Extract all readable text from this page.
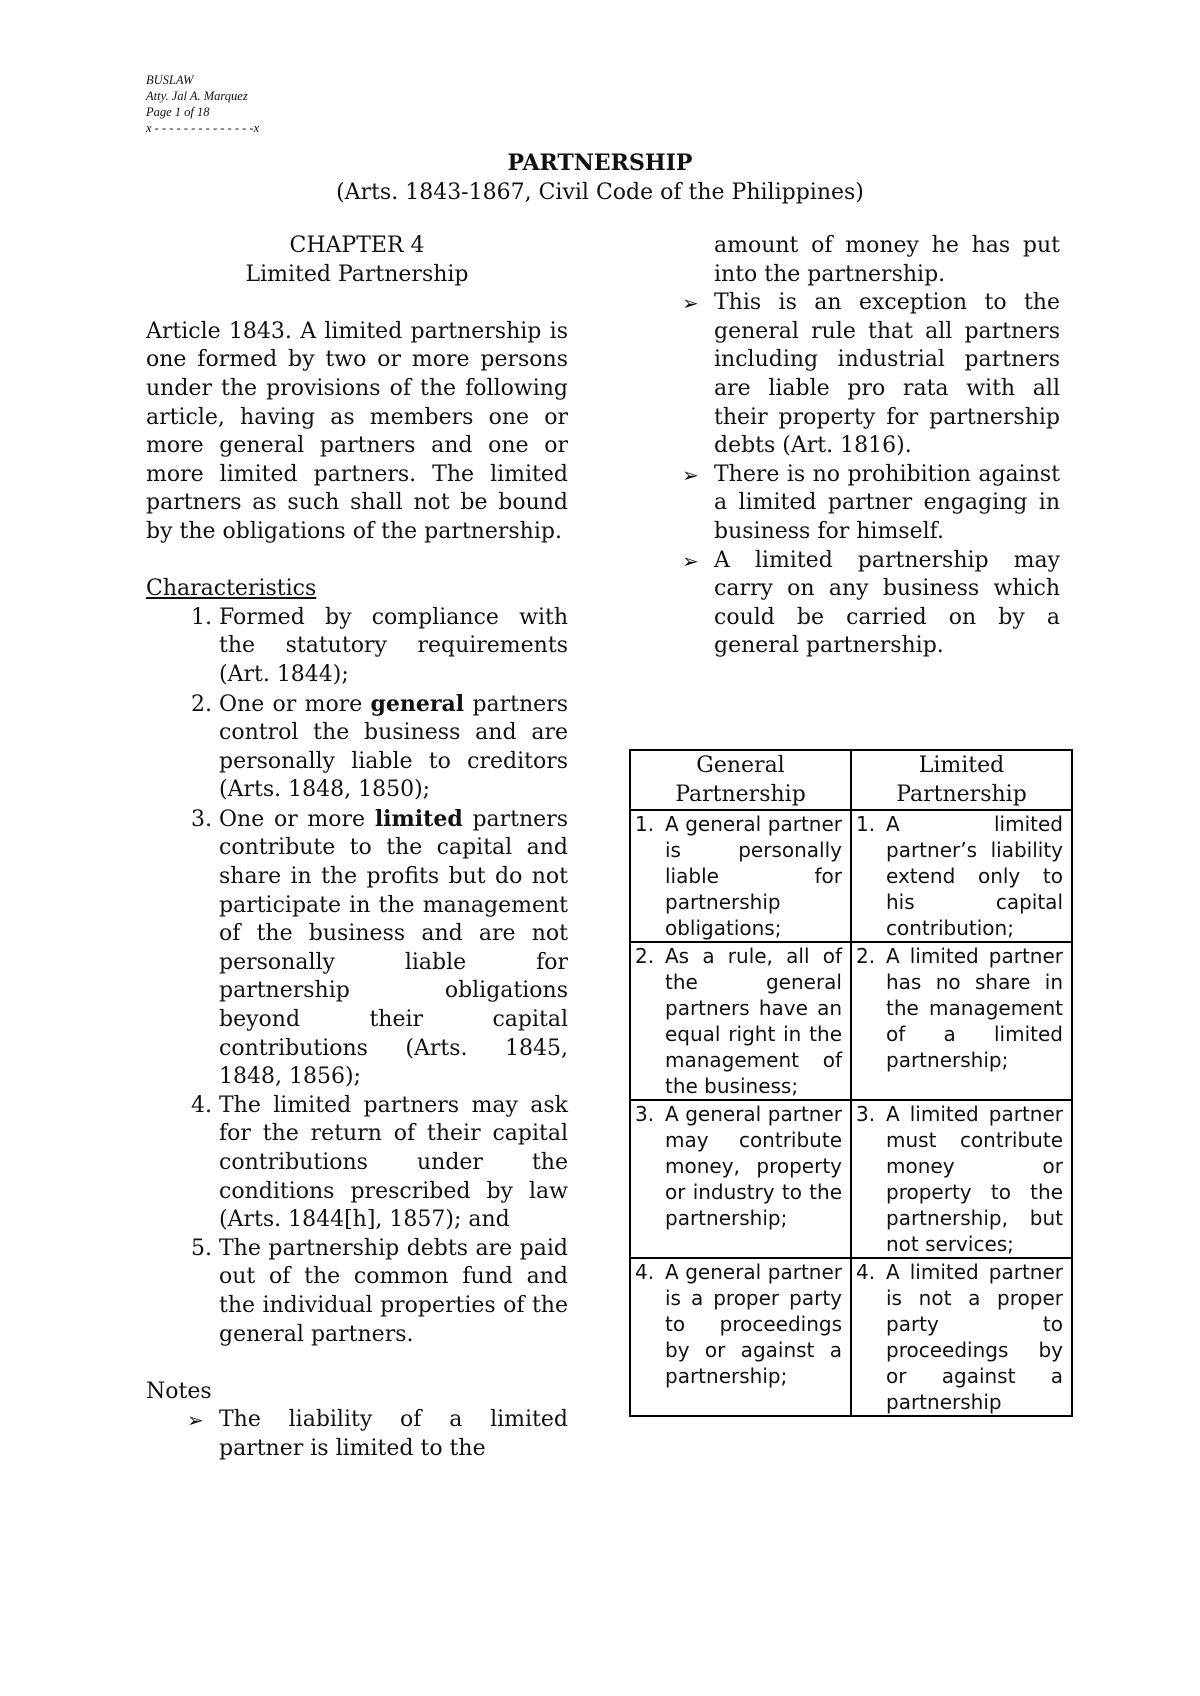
BUSLAW
Atty. Jal A. Marquez
Page 1 of 18
x - - - - - - - - - - - - - -x
PARTNERSHIP
(Arts. 1843-1867, Civil Code of the Philippines)
CHAPTER 4
Limited Partnership

Article 1843. A limited partnership is one formed by two or more persons under the provisions of the following article, having as members one or more general partners and one or more limited partners. The limited partners as such shall not be bound by the obligations of the partnership.

Characteristics
1. Formed by compliance with the statutory requirements (Art. 1844);
2. One or more general partners control the business and are personally liable to creditors (Arts. 1848, 1850);
3. One or more limited partners contribute to the capital and share in the profits but do not participate in the management of the business and are not personally liable for partnership obligations beyond their capital contributions (Arts. 1845, 1848, 1856);
4. The limited partners may ask for the return of their capital contributions under the conditions prescribed by law (Arts. 1844[h], 1857); and
5. The partnership debts are paid out of the common fund and the individual properties of the general partners.
Notes
➢ The liability of a limited partner is limited to the
amount of money he has put into the partnership.
➢ This is an exception to the general rule that all partners including industrial partners are liable pro rata with all their property for partnership debts (Art. 1816).
➢ There is no prohibition against a limited partner engaging in business for himself.
➢ A limited partnership may carry on any business which could be carried on by a general partnership.
General Partnership	Limited Partnership

1. A general partner is personally liable for partnership obligations;	1. A limited partner’s liability extend only to his capital contribution;

2. As a rule, all of the general partners have an equal right in the management of the business;	2. A limited partner has no share in the management of a limited partnership;

3. A general partner may contribute money, property or industry to the partnership;	3. A limited partner must contribute money or property to the partnership, but not services;

4. A general partner is a proper party to proceedings by or against a partnership;	4. A limited partner is not a proper party to proceedings by or against a partnership
